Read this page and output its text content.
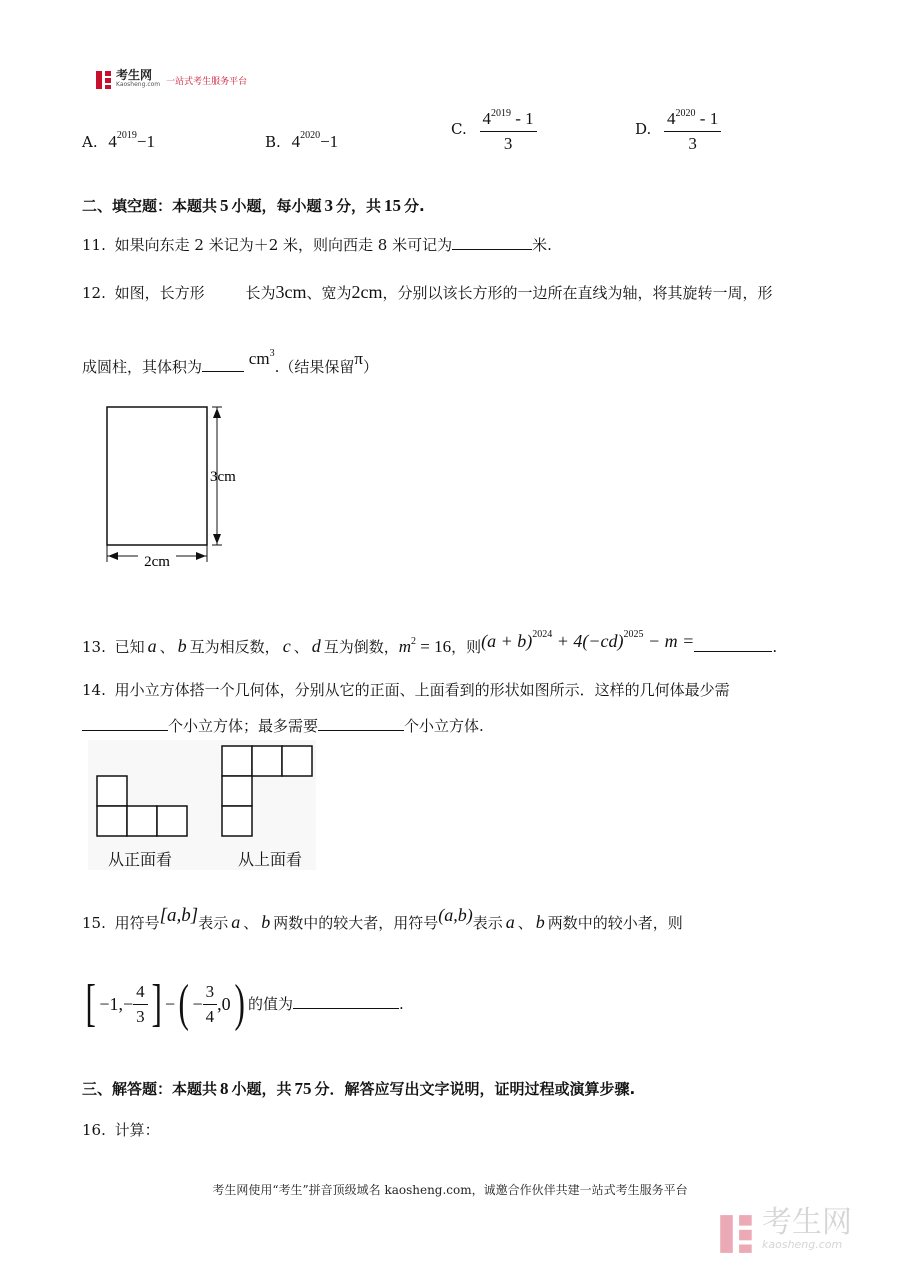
考生网
Kaosheng.com 一站式考生服务平台
A. $4^{2019}-1$	B. $4^{2020}-1$
C. $\frac{4^{2019} - 1}{3}$	D. $\frac{4^{2020} - 1}{3}$
二、填空题：本题共 5 小题，每小题 3 分，共 15 分.
11. 如果向东走 2 米记为＋2 米，则向西走 8 米可记为	米.
12. 如图，长方形	长为3cm、宽为2cm，分别以该长方形的一边所在直线为轴，将其旋转一周，形
成圆柱，其体积为	$cm^3$.（结果保留π）
2cm
3cm
13. 已知 a 、 b 互为相反数， c 、 d 互为倒数，$m^2 = 16$，则$(a + b)^{2024} + 4(-cd)^{2025} - m$ =	.
14. 用小立方体搭一个几何体，分别从它的正面、上面看到的形状如图所示．这样的几何体最少需
个小立方体；最多需要	个小立方体.
从正面看	从上面看
15. 用符号[a,b]表示 a 、 b 两数中的较大者，用符号(a,b)表示 a 、 b 两数中的较小者，则
[ $-1,- \frac{4}{3}$ ] − ( − $\frac{3}{4} ,0$ ) 的值为	.
三、解答题：本题共 8 小题，共 75 分．解答应写出文字说明，证明过程或演算步骤.
16. 计算：
考生网使用“考生”拼音顶级域名 kaosheng.com，诚邀合作伙伴共建一站式考生服务平台
考生网
kaosheng.com
